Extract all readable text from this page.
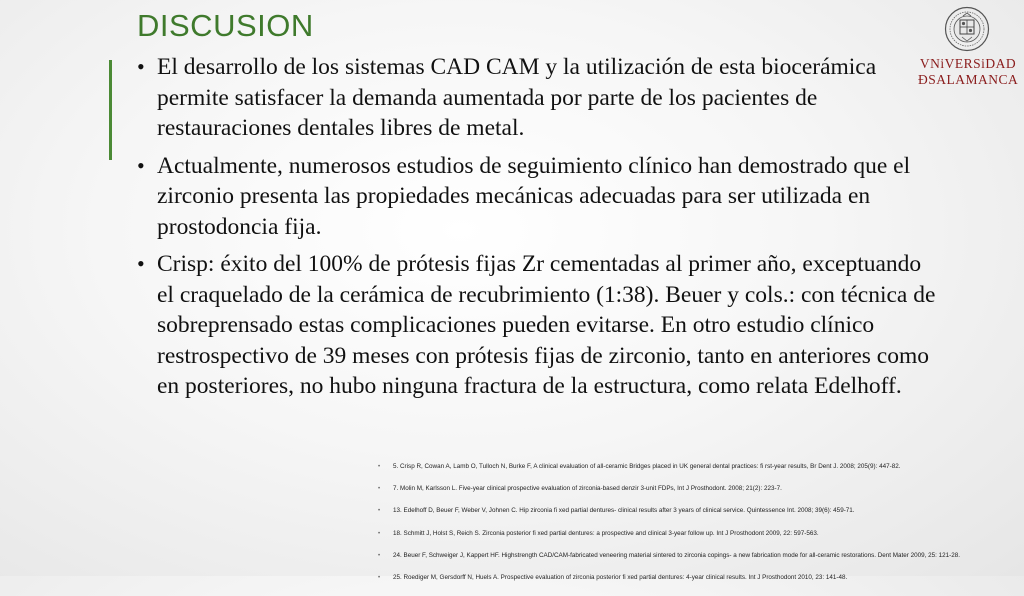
DISCUSION
• El desarrollo de los sistemas CAD CAM y la utilización de esta biocerámica permite satisfacer la demanda aumentada por parte de los pacientes de restauraciones dentales libres de metal.
• Actualmente, numerosos estudios de seguimiento clínico han demostrado que el zirconio presenta las propiedades mecánicas adecuadas para ser utilizada en prostodoncia fija.
• Crisp: éxito del 100% de prótesis fijas Zr cementadas al primer año, exceptuando el craquelado de la cerámica de recubrimiento (1:38). Beuer y cols.: con técnica de sobreprensado estas complicaciones pueden evitarse. En otro estudio clínico restrospectivo de 39 meses con prótesis fijas de zirconio, tanto en anteriores como en posteriores, no hubo ninguna fractura de la estructura, como relata Edelhoff.
VNiVERSiDAD
ÐSALAMANCA
• 5. Crisp R, Cowan A, Lamb O, Tulloch N, Burke F, A clinical evaluation of all-ceramic Bridges placed in UK general dental practices: fi rst-year results, Br Dent J. 2008; 205(9): 447-82.
• 7. Molin M, Karlsson L. Five-year clinical prospective evaluation of zirconia-based denzir 3-unit FDPs, Int J Prosthodont. 2008; 21(2): 223-7.
• 13. Edelhoff D, Beuer F, Weber V, Johnen C. Hip zirconia fi xed partial dentures- clinical results after 3 years of clinical service. Quintessence Int. 2008; 39(6): 459-71.
• 18. Schmitt J, Holst S, Reich S. Zirconia posterior fi xed partial dentures: a prospective and clinical 3-year follow up. Int J Prosthodont 2009, 22: 597-563.
• 24. Beuer F, Schweiger J, Kappert HF. Highstrength CAD/CAM-fabricated veneering material sintered to zirconia copings- a new fabrication mode for all-ceramic restorations. Dent Mater 2009, 25: 121-28.
• 25. Roediger M, Gersdorff N, Huels A. Prospective evaluation of zirconia posterior fi xed partial dentures: 4-year clinical results. Int J Prosthodont 2010, 23: 141-48.
